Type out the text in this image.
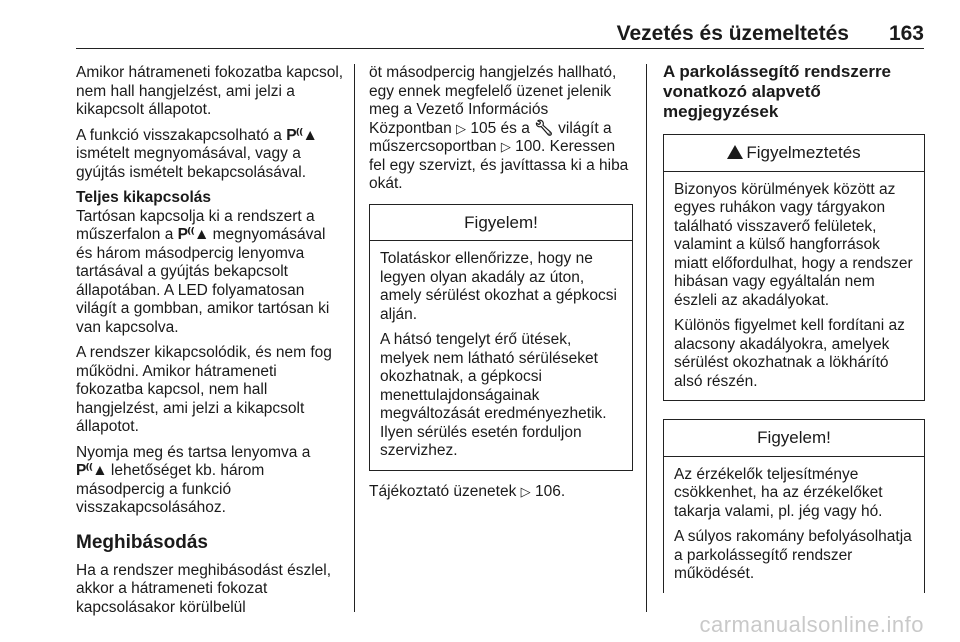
Vezetés és üzemeltetés 163

Amikor hátrameneti fokozatba kapcsol, nem hall hangjelzést, ami jelzi a kikapcsolt állapotot.

A funkció visszakapcsolható a P⁽⁽▲ ismételt megnyomásával, vagy a gyújtás ismételt bekapcsolásával.

Teljes kikapcsolás

Tartósan kapcsolja ki a rendszert a műszerfalon a P⁽⁽▲ megnyomásával és három másodpercig lenyomva tartásával a gyújtás bekapcsolt állapotában. A LED folyamatosan világít a gombban, amikor tartósan ki van kapcsolva.

A rendszer kikapcsolódik, és nem fog működni. Amikor hátrameneti fokozatba kapcsol, nem hall hangjelzést, ami jelzi a kikapcsolt állapotot.

Nyomja meg és tartsa lenyomva a P⁽⁽▲ lehetőséget kb. három másodpercig a funkció visszakapcsolásához.

Meghibásodás

Ha a rendszer meghibásodást észlel, akkor a hátrameneti fokozat kapcsolásakor körülbelül

öt másodpercig hangjelzés hallható, egy ennek megfelelő üzenet jelenik meg a Vezető Információs Központban ▷ 105 és a 🔧︎ világít a műszercsoportban ▷ 100. Keressen fel egy szervizt, és javíttassa ki a hiba okát.

Figyelem!

Tolatáskor ellenőrizze, hogy ne legyen olyan akadály az úton, amely sérülést okozhat a gépkocsi alján.

A hátsó tengelyt érő ütések, melyek nem látható sérüléseket okozhatnak, a gépkocsi menettulajdonságainak megváltozását eredményezhetik. Ilyen sérülés esetén forduljon szervizhez.

Tájékoztató üzenetek ▷ 106.

A parkolássegítő rendszerre vonatkozó alapvető megjegyzések
Figyelmeztetés

Bizonyos körülmények között az egyes ruhákon vagy tárgyakon található visszaverő felületek, valamint a külső hangforrások miatt előfordulhat, hogy a rendszer hibásan vagy egyáltalán nem észleli az akadályokat.

Különös figyelmet kell fordítani az alacsony akadályokra, amelyek sérülést okozhatnak a lökhárító alsó részén.

Figyelem!

Az érzékelők teljesítménye csökkenhet, ha az érzékelőket takarja valami, pl. jég vagy hó.

A súlyos rakomány befolyásolhatja a parkolássegítő rendszer működését.

carmanualsonline.info
